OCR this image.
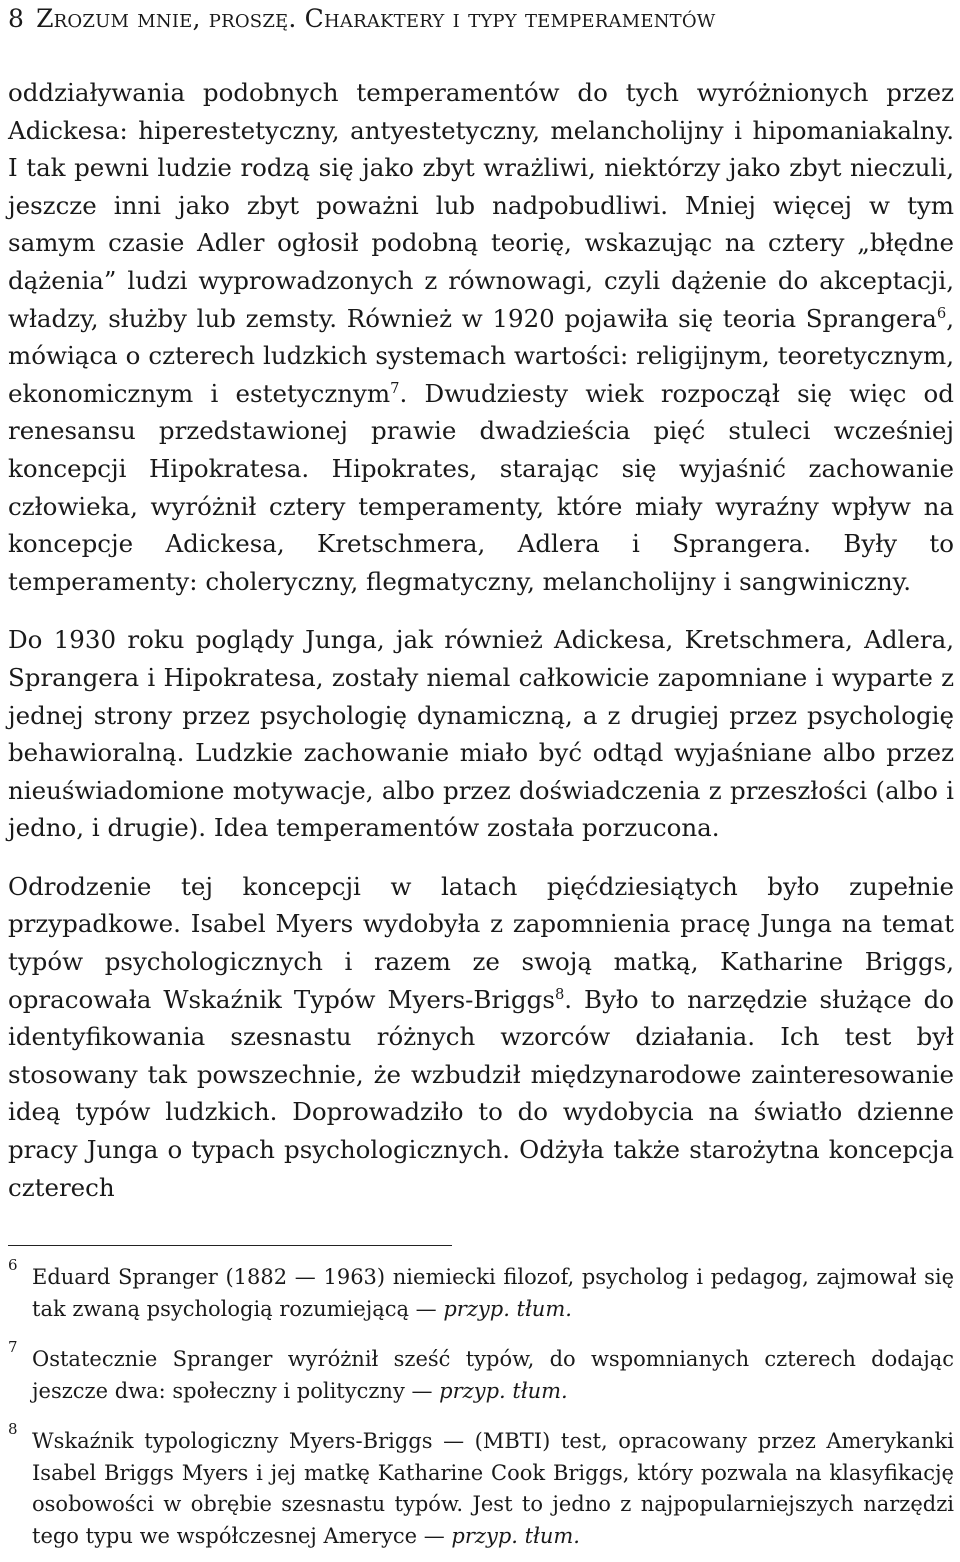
8 Zrozum mnie, proszę. Charaktery i typy temperamentów

oddziaływania podobnych temperamentów do tych wyróżnionych przez Adickesa: hiperestetyczny, antyestetyczny, melancholijny i hipomaniakalny. I tak pewni ludzie rodzą się jako zbyt wrażliwi, niektórzy jako zbyt nieczuli, jeszcze inni jako zbyt poważni lub nadpobudliwi. Mniej więcej w tym samym czasie Adler ogłosił podobną teorię, wskazując na cztery „błędne dążenia” ludzi wyprowadzonych z równowagi, czyli dążenie do akceptacji, władzy, służby lub zemsty. Również w 1920 pojawiła się teoria Sprangera$^6$, mówiąca o czterech ludzkich systemach wartości: religijnym, teoretycznym, ekonomicznym i estetycznym$^7$. Dwudziesty wiek rozpoczął się więc od renesansu przedstawionej prawie dwadzieścia pięć stuleci wcześniej koncepcji Hipokratesa. Hipokrates, starając się wyjaśnić zachowanie człowieka, wyróżnił cztery temperamenty, które miały wyraźny wpływ na koncepcje Adickesa, Kretschmera, Adlera i Sprangera. Były to temperamenty: choleryczny, flegmatyczny, melancholijny i sangwiniczny.

Do 1930 roku poglądy Junga, jak również Adickesa, Kretschmera, Adlera, Sprangera i Hipokratesa, zostały niemal całkowicie zapomniane i wyparte z jednej strony przez psychologię dynamiczną, a z drugiej przez psychologię behawioralną. Ludzkie zachowanie miało być odtąd wyjaśniane albo przez nieuświadomione motywacje, albo przez doświadczenia z przeszłości (albo i jedno, i drugie). Idea temperamentów została porzucona.

Odrodzenie tej koncepcji w latach pięćdziesiątych było zupełnie przypadkowe. Isabel Myers wydobyła z zapomnienia pracę Junga na temat typów psychologicznych i razem ze swoją matką, Katharine Briggs, opracowała Wskaźnik Typów Myers-Briggs$^8$. Było to narzędzie służące do identyfikowania szesnastu różnych wzorców działania. Ich test był stosowany tak powszechnie, że wzbudził międzynarodowe zainteresowanie ideą typów ludzkich. Doprowadziło to do wydobycia na światło dzienne pracy Junga o typach psychologicznych. Odżyła także starożytna koncepcja czterech

6 Eduard Spranger (1882 — 1963) niemiecki filozof, psycholog i pedagog, zajmował się tak zwaną psychologią rozumiejącą — przyp. tłum.
7 Ostatecznie Spranger wyróżnił sześć typów, do wspomnianych czterech dodając jeszcze dwa: społeczny i polityczny — przyp. tłum.
8 Wskaźnik typologiczny Myers-Briggs — (MBTI) test, opracowany przez Amerykanki Isabel Briggs Myers i jej matkę Katharine Cook Briggs, który pozwala na klasyfikację osobowości w obrębie szesnastu typów. Jest to jedno z najpopularniejszych narzędzi tego typu we współczesnej Ameryce — przyp. tłum.
